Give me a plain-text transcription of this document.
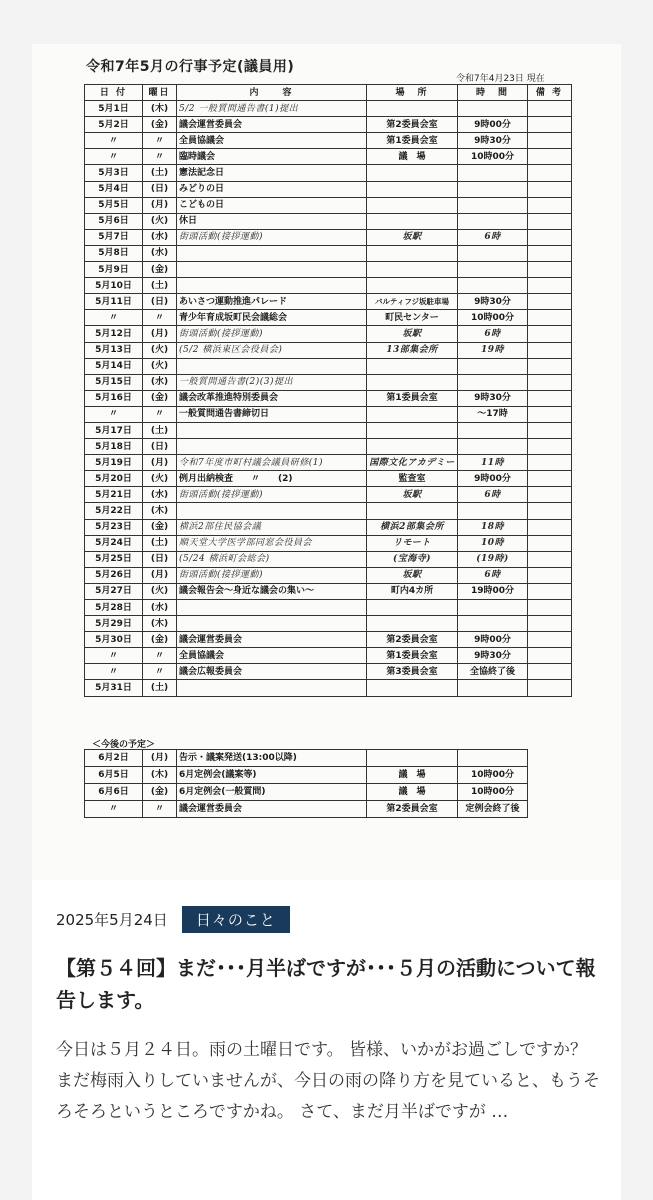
令和7年5月の行事予定(議員用)
令和7年4月23日 現在
日 付	曜日	内　　容	場　所	時　間	備 考
5月1日	(木)	5/2 一般質問通告書(1)提出			
5月2日	(金)	議会運営委員会	第2委員会室	9時00分	
〃	〃	全員協議会	第1委員会室	9時30分	
〃	〃	臨時議会	議　場	10時00分	
5月3日	(土)	憲法記念日			
5月4日	(日)	みどりの日			
5月5日	(月)	こどもの日			
5月6日	(火)	休日			
5月7日	(水)	街頭活動(接拶運動)	坂駅	6時	
5月8日	(水)				
5月9日	(金)				
5月10日	(土)				
5月11日	(日)	あいさつ運動推進パレード	バルティフジ坂駐車場	9時30分	
〃	〃	青少年育成坂町民会議総会	町民センター	10時00分	
5月12日	(月)	街頭活動(接拶運動)	坂駅	6時	
5月13日	(火)	(5/2 横浜東区会役員会)	13部集会所	19時	
5月14日	(火)				
5月15日	(水)	一般質問通告書(2)(3)提出			
5月16日	(金)	議会改革推進特別委員会	第1委員会室	9時30分	
〃	〃	一般質問通告書締切日		～17時	
5月17日	(土)				
5月18日	(日)				
5月19日	(月)	令和7年度市町村議会議員研修(1)	国際文化アカデミー	11時	
5月20日	(火)	例月出納検査　　〃　　(2)	監査室	9時00分	
5月21日	(水)	街頭活動(接拶運動)	坂駅	6時	
5月22日	(木)				
5月23日	(金)	横浜2部住民協会議	横浜2部集会所	18時	
5月24日	(土)	順天堂大学医学部同窓会役員会	リモート	10時	
5月25日	(日)	(5/24 横浜町会総会)	(宝海寺)	(19時)	
5月26日	(月)	街頭活動(接拶運動)	坂駅	6時	
5月27日	(火)	議会報告会～身近な議会の集い～	町内4カ所	19時00分	
5月28日	(水)				
5月29日	(木)				
5月30日	(金)	議会運営委員会	第2委員会室	9時00分	
〃	〃	全員協議会	第1委員会室	9時30分	
〃	〃	議会広報委員会	第3委員会室	全協終了後	
5月31日	(土)				
＜今後の予定＞
6月2日	(月)	告示・議案発送(13:00以降)		
6月5日	(木)	6月定例会(議案等)	議　場	10時00分
6月6日	(金)	6月定例会(一般質問)	議　場	10時00分
〃	〃	議会運営委員会	第2委員会室	定例会終了後
2025年5月24日	日々のこと
【第５４回】まだ･･･月半ばですが･･･５月の活動について報告します。
今日は５月２４日。雨の土曜日です。 皆様、いかがお過ごしですか？まだ梅雨入りしていませんが、今日の雨の降り方を見ていると、もうそろそろというところですかね。 さて、まだ月半ばですが …
